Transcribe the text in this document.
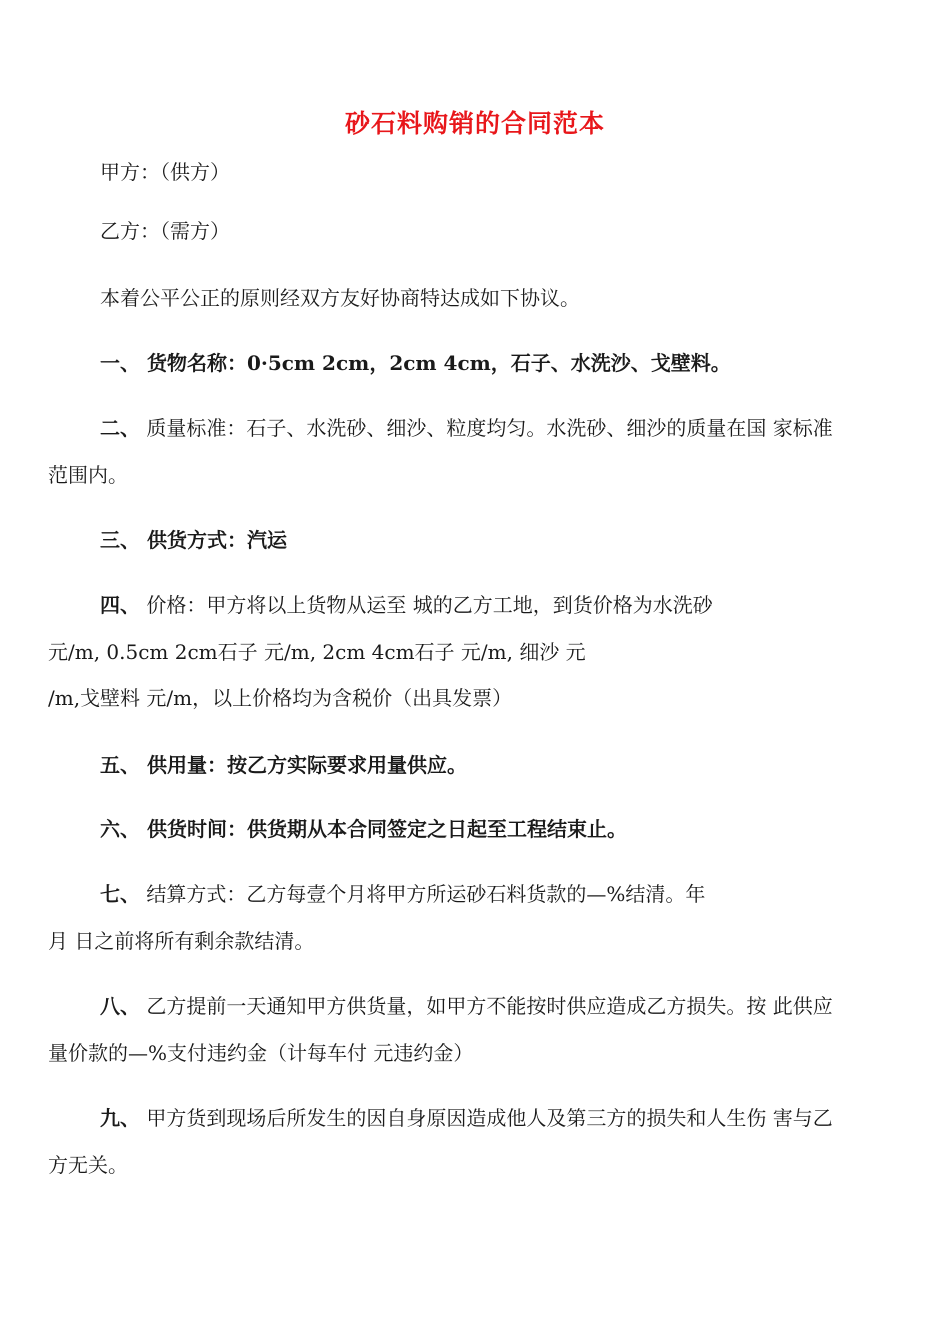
砂石料购销的合同范本
甲方：（供方）
乙方：（需方）
本着公平公正的原则经双方友好协商特达成如下协议。
一、 货物名称：0·5cm 2cm，2cm 4cm，石子、水洗沙、戈壁料。
二、 质量标准：石子、水洗砂、细沙、粒度均匀。水洗砂、细沙的质量在国 家标准
范围内。
三、 供货方式：汽运
四、 价格：甲方将以上货物从运至 城的乙方工地，到货价格为水洗砂
元/m, 0.5cm 2cm石子 元/m, 2cm 4cm石子 元/m, 细沙 元
/m,戈壁料 元/m，以上价格均为含税价（出具发票）
五、 供用量：按乙方实际要求用量供应。
六、 供货时间：供货期从本合同签定之日起至工程结束止。
七、 结算方式：乙方每壹个月将甲方所运砂石料货款的—%结清。年
月 日之前将所有剩余款结清。
八、 乙方提前一天通知甲方供货量，如甲方不能按时供应造成乙方损失。按 此供应
量价款的—%支付违约金（计每车付 元违约金）
九、 甲方货到现场后所发生的因自身原因造成他人及第三方的损失和人生伤 害与乙
方无关。
